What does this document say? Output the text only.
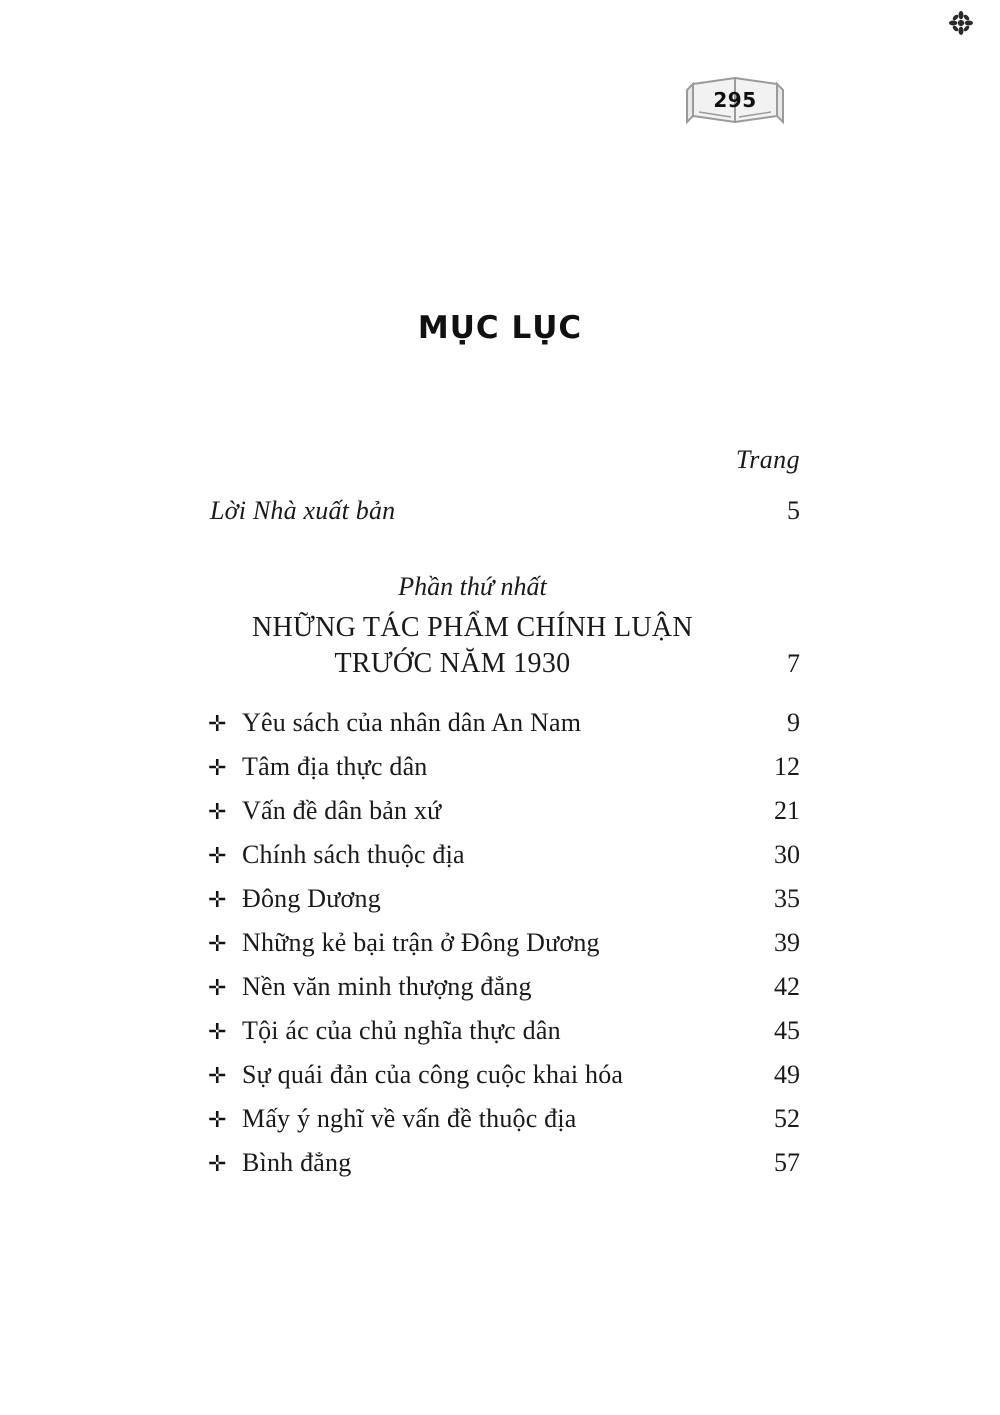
295
MỤC LỤC
Trang
Lời Nhà xuất bản	5
Phần thứ nhất
NHỮNG TÁC PHẨM CHÍNH LUẬN
TRƯỚC NĂM 1930	7
✛ Yêu sách của nhân dân An Nam	9
✛ Tâm địa thực dân	12
✛ Vấn đề dân bản xứ	21
✛ Chính sách thuộc địa	30
✛ Đông Dương	35
✛ Những kẻ bại trận ở Đông Dương	39
✛ Nền văn minh thượng đẳng	42
✛ Tội ác của chủ nghĩa thực dân	45
✛ Sự quái đản của công cuộc khai hóa	49
✛ Mấy ý nghĩ về vấn đề thuộc địa	52
✛ Bình đẳng	57
